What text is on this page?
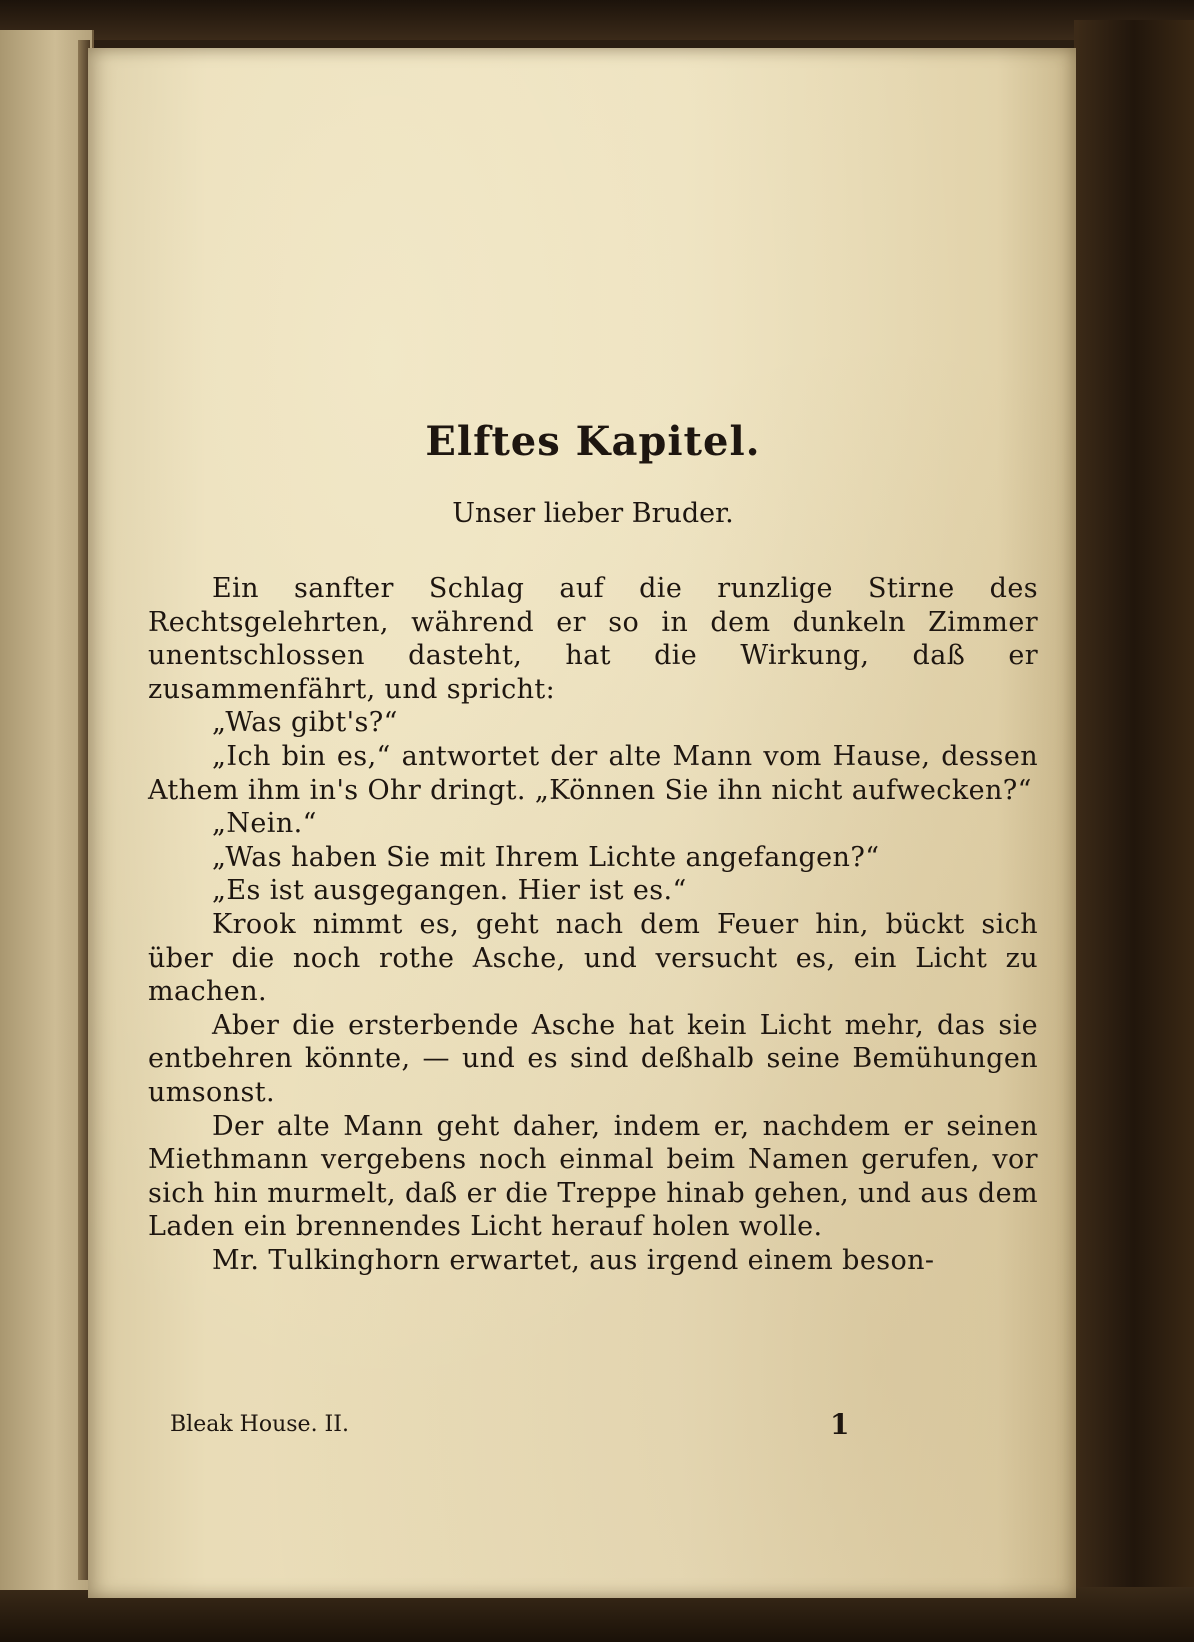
Elftes Kapitel.
Unser lieber Bruder.

Ein sanfter Schlag auf die runzlige Stirne des Rechtsgelehrten, während er so in dem dunkeln Zimmer unentschlossen dasteht, hat die Wirkung, daß er zusammenfährt, und spricht:

„Was gibt's?“

„Ich bin es,“ antwortet der alte Mann vom Hause, dessen Athem ihm in's Ohr dringt. „Können Sie ihn nicht aufwecken?“

„Nein.“

„Was haben Sie mit Ihrem Lichte angefangen?“

„Es ist ausgegangen. Hier ist es.“

Krook nimmt es, geht nach dem Feuer hin, bückt sich über die noch rothe Asche, und versucht es, ein Licht zu machen.

Aber die ersterbende Asche hat kein Licht mehr, das sie entbehren könnte, — und es sind deßhalb seine Bemühungen umsonst.

Der alte Mann geht daher, indem er, nachdem er seinen Miethmann vergebens noch einmal beim Namen gerufen, vor sich hin murmelt, daß er die Treppe hinab gehen, und aus dem Laden ein brennendes Licht herauf holen wolle.

Mr. Tulkinghorn erwartet, aus irgend einem beson-

Bleak House. II.	1
